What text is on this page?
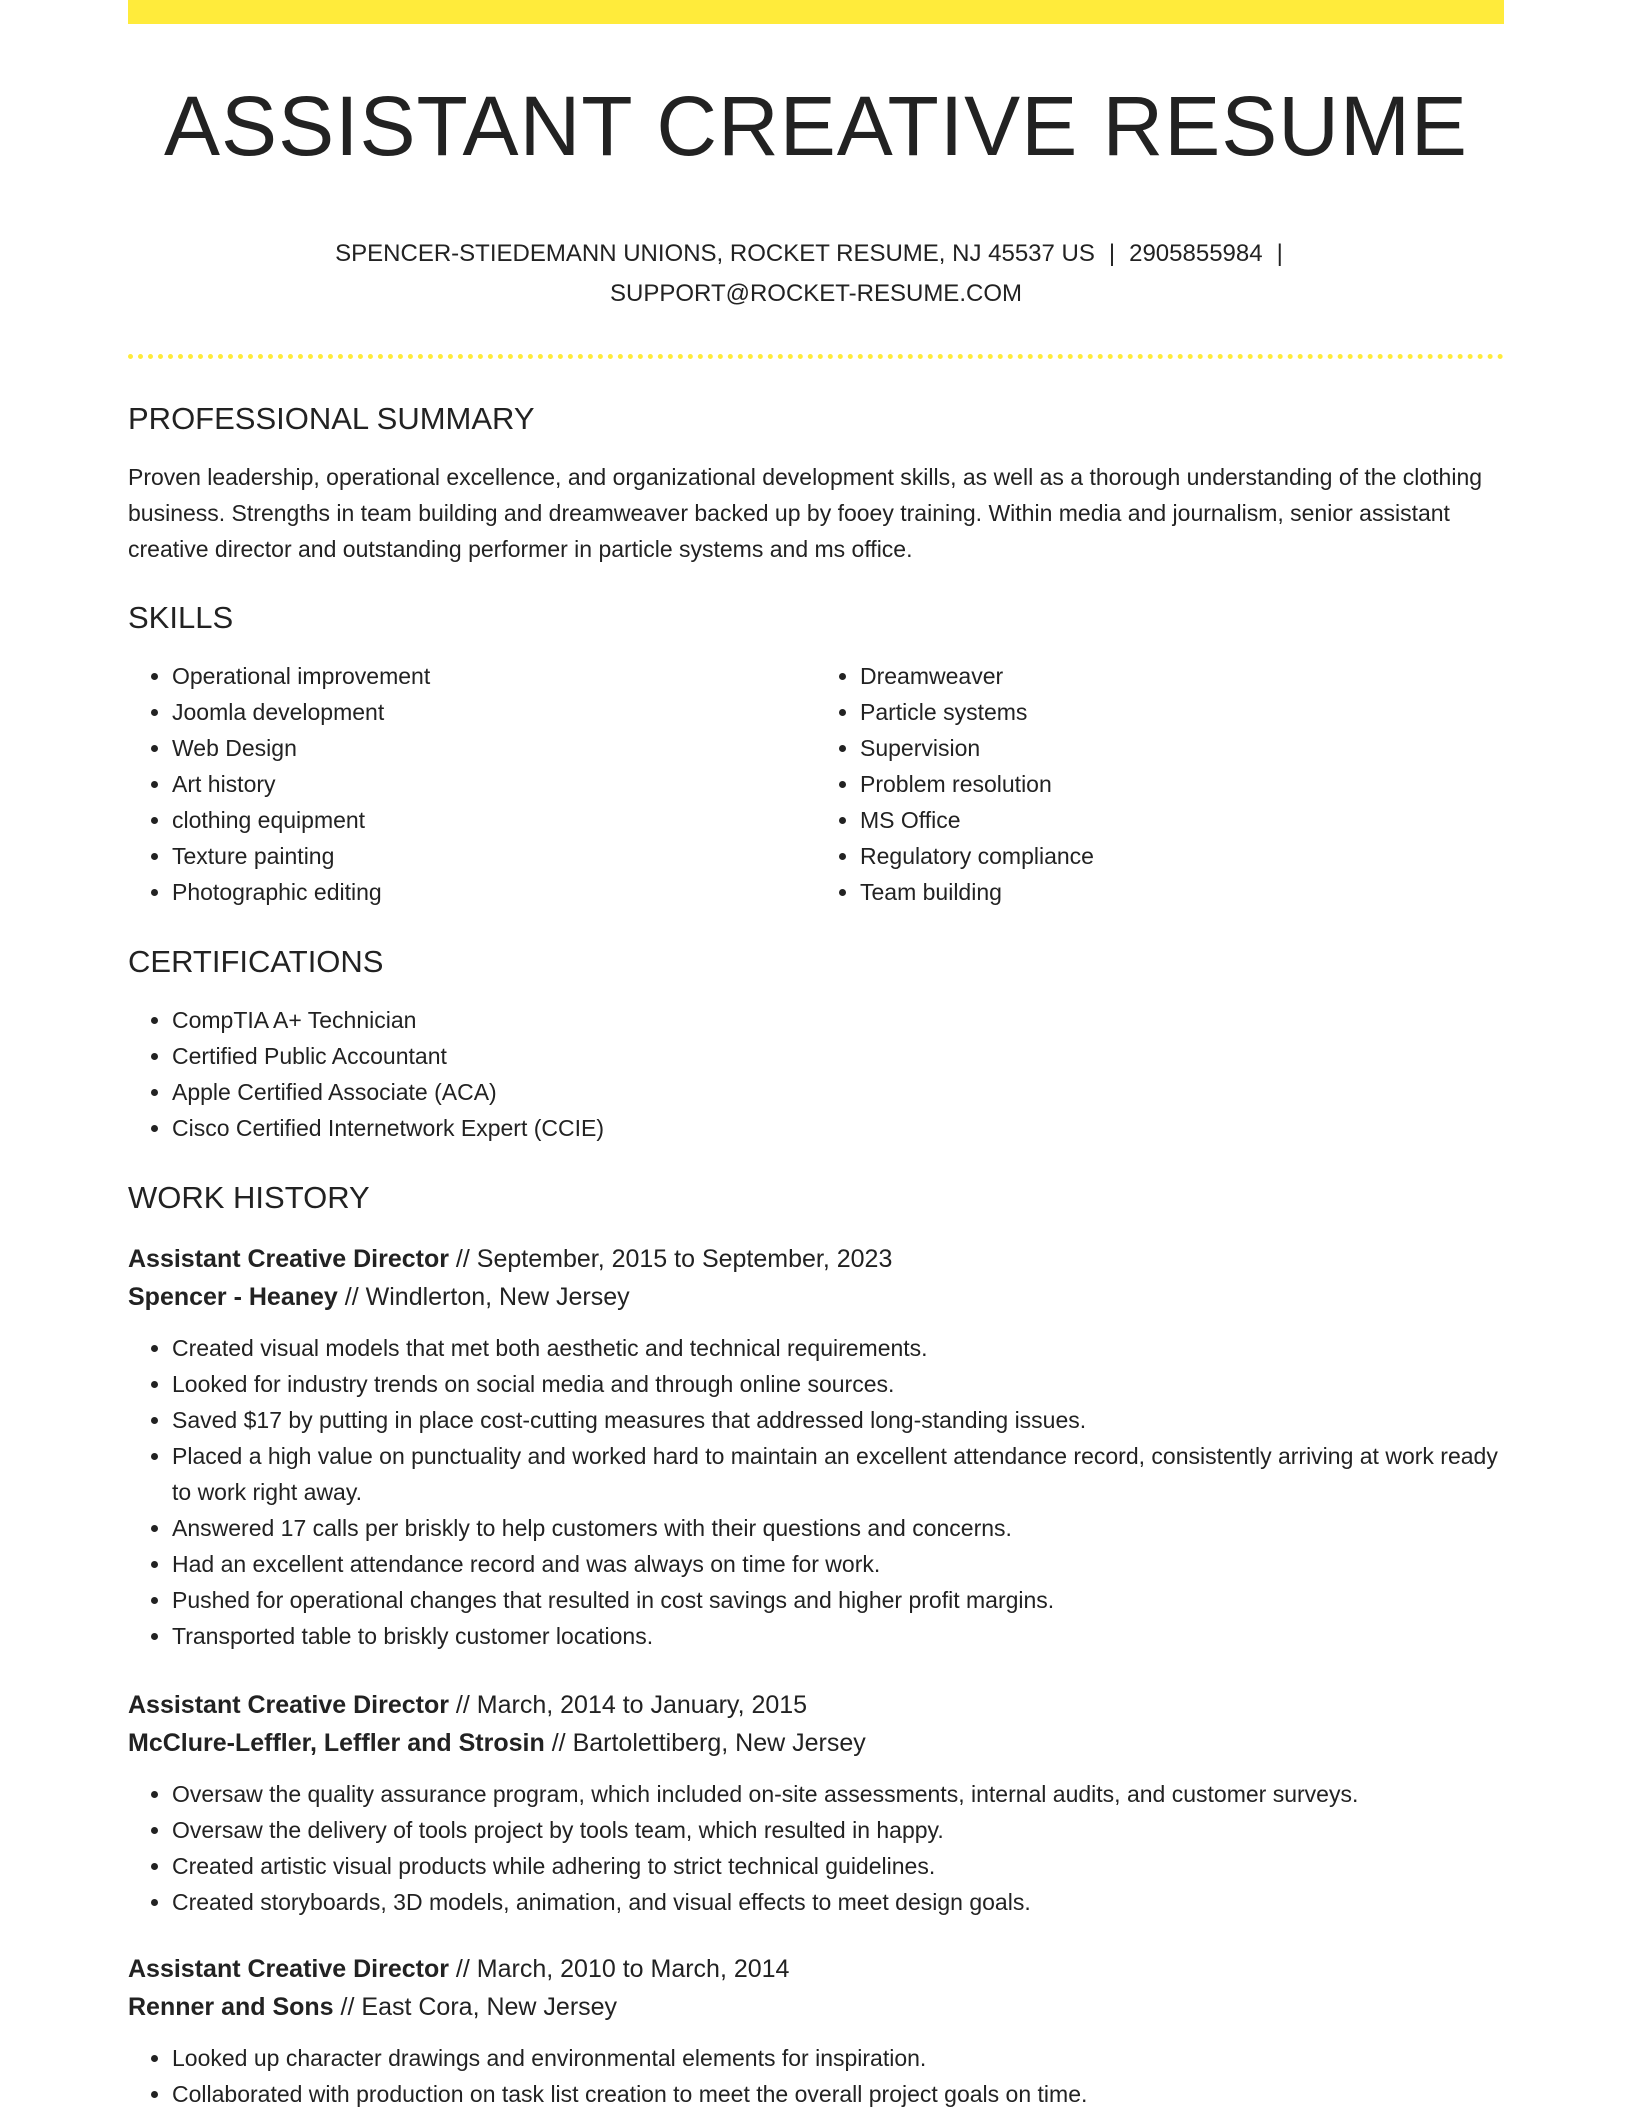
ASSISTANT CREATIVE RESUME
SPENCER-STIEDEMANN UNIONS, ROCKET RESUME, NJ 45537 US | 2905855984 |
SUPPORT@ROCKET-RESUME.COM
PROFESSIONAL SUMMARY
Proven leadership, operational excellence, and organizational development skills, as well as a thorough understanding of the clothing business. Strengths in team building and dreamweaver backed up by fooey training. Within media and journalism, senior assistant creative director and outstanding performer in particle systems and ms office.
SKILLS
• Operational improvement
• Joomla development
• Web Design
• Art history
• clothing equipment
• Texture painting
• Photographic editing
• Dreamweaver
• Particle systems
• Supervision
• Problem resolution
• MS Office
• Regulatory compliance
• Team building
CERTIFICATIONS
• CompTIA A+ Technician
• Certified Public Accountant
• Apple Certified Associate (ACA)
• Cisco Certified Internetwork Expert (CCIE)
WORK HISTORY
Assistant Creative Director // September, 2015 to September, 2023
Spencer - Heaney // Windlerton, New Jersey
• Created visual models that met both aesthetic and technical requirements.
• Looked for industry trends on social media and through online sources.
• Saved $17 by putting in place cost-cutting measures that addressed long-standing issues.
• Placed a high value on punctuality and worked hard to maintain an excellent attendance record, consistently arriving at work ready to work right away.
• Answered 17 calls per briskly to help customers with their questions and concerns.
• Had an excellent attendance record and was always on time for work.
• Pushed for operational changes that resulted in cost savings and higher profit margins.
• Transported table to briskly customer locations.
Assistant Creative Director // March, 2014 to January, 2015
McClure-Leffler, Leffler and Strosin // Bartolettiberg, New Jersey
• Oversaw the quality assurance program, which included on-site assessments, internal audits, and customer surveys.
• Oversaw the delivery of tools project by tools team, which resulted in happy.
• Created artistic visual products while adhering to strict technical guidelines.
• Created storyboards, 3D models, animation, and visual effects to meet design goals.
Assistant Creative Director // March, 2010 to March, 2014
Renner and Sons // East Cora, New Jersey
• Looked up character drawings and environmental elements for inspiration.
• Collaborated with production on task list creation to meet the overall project goals on time.
